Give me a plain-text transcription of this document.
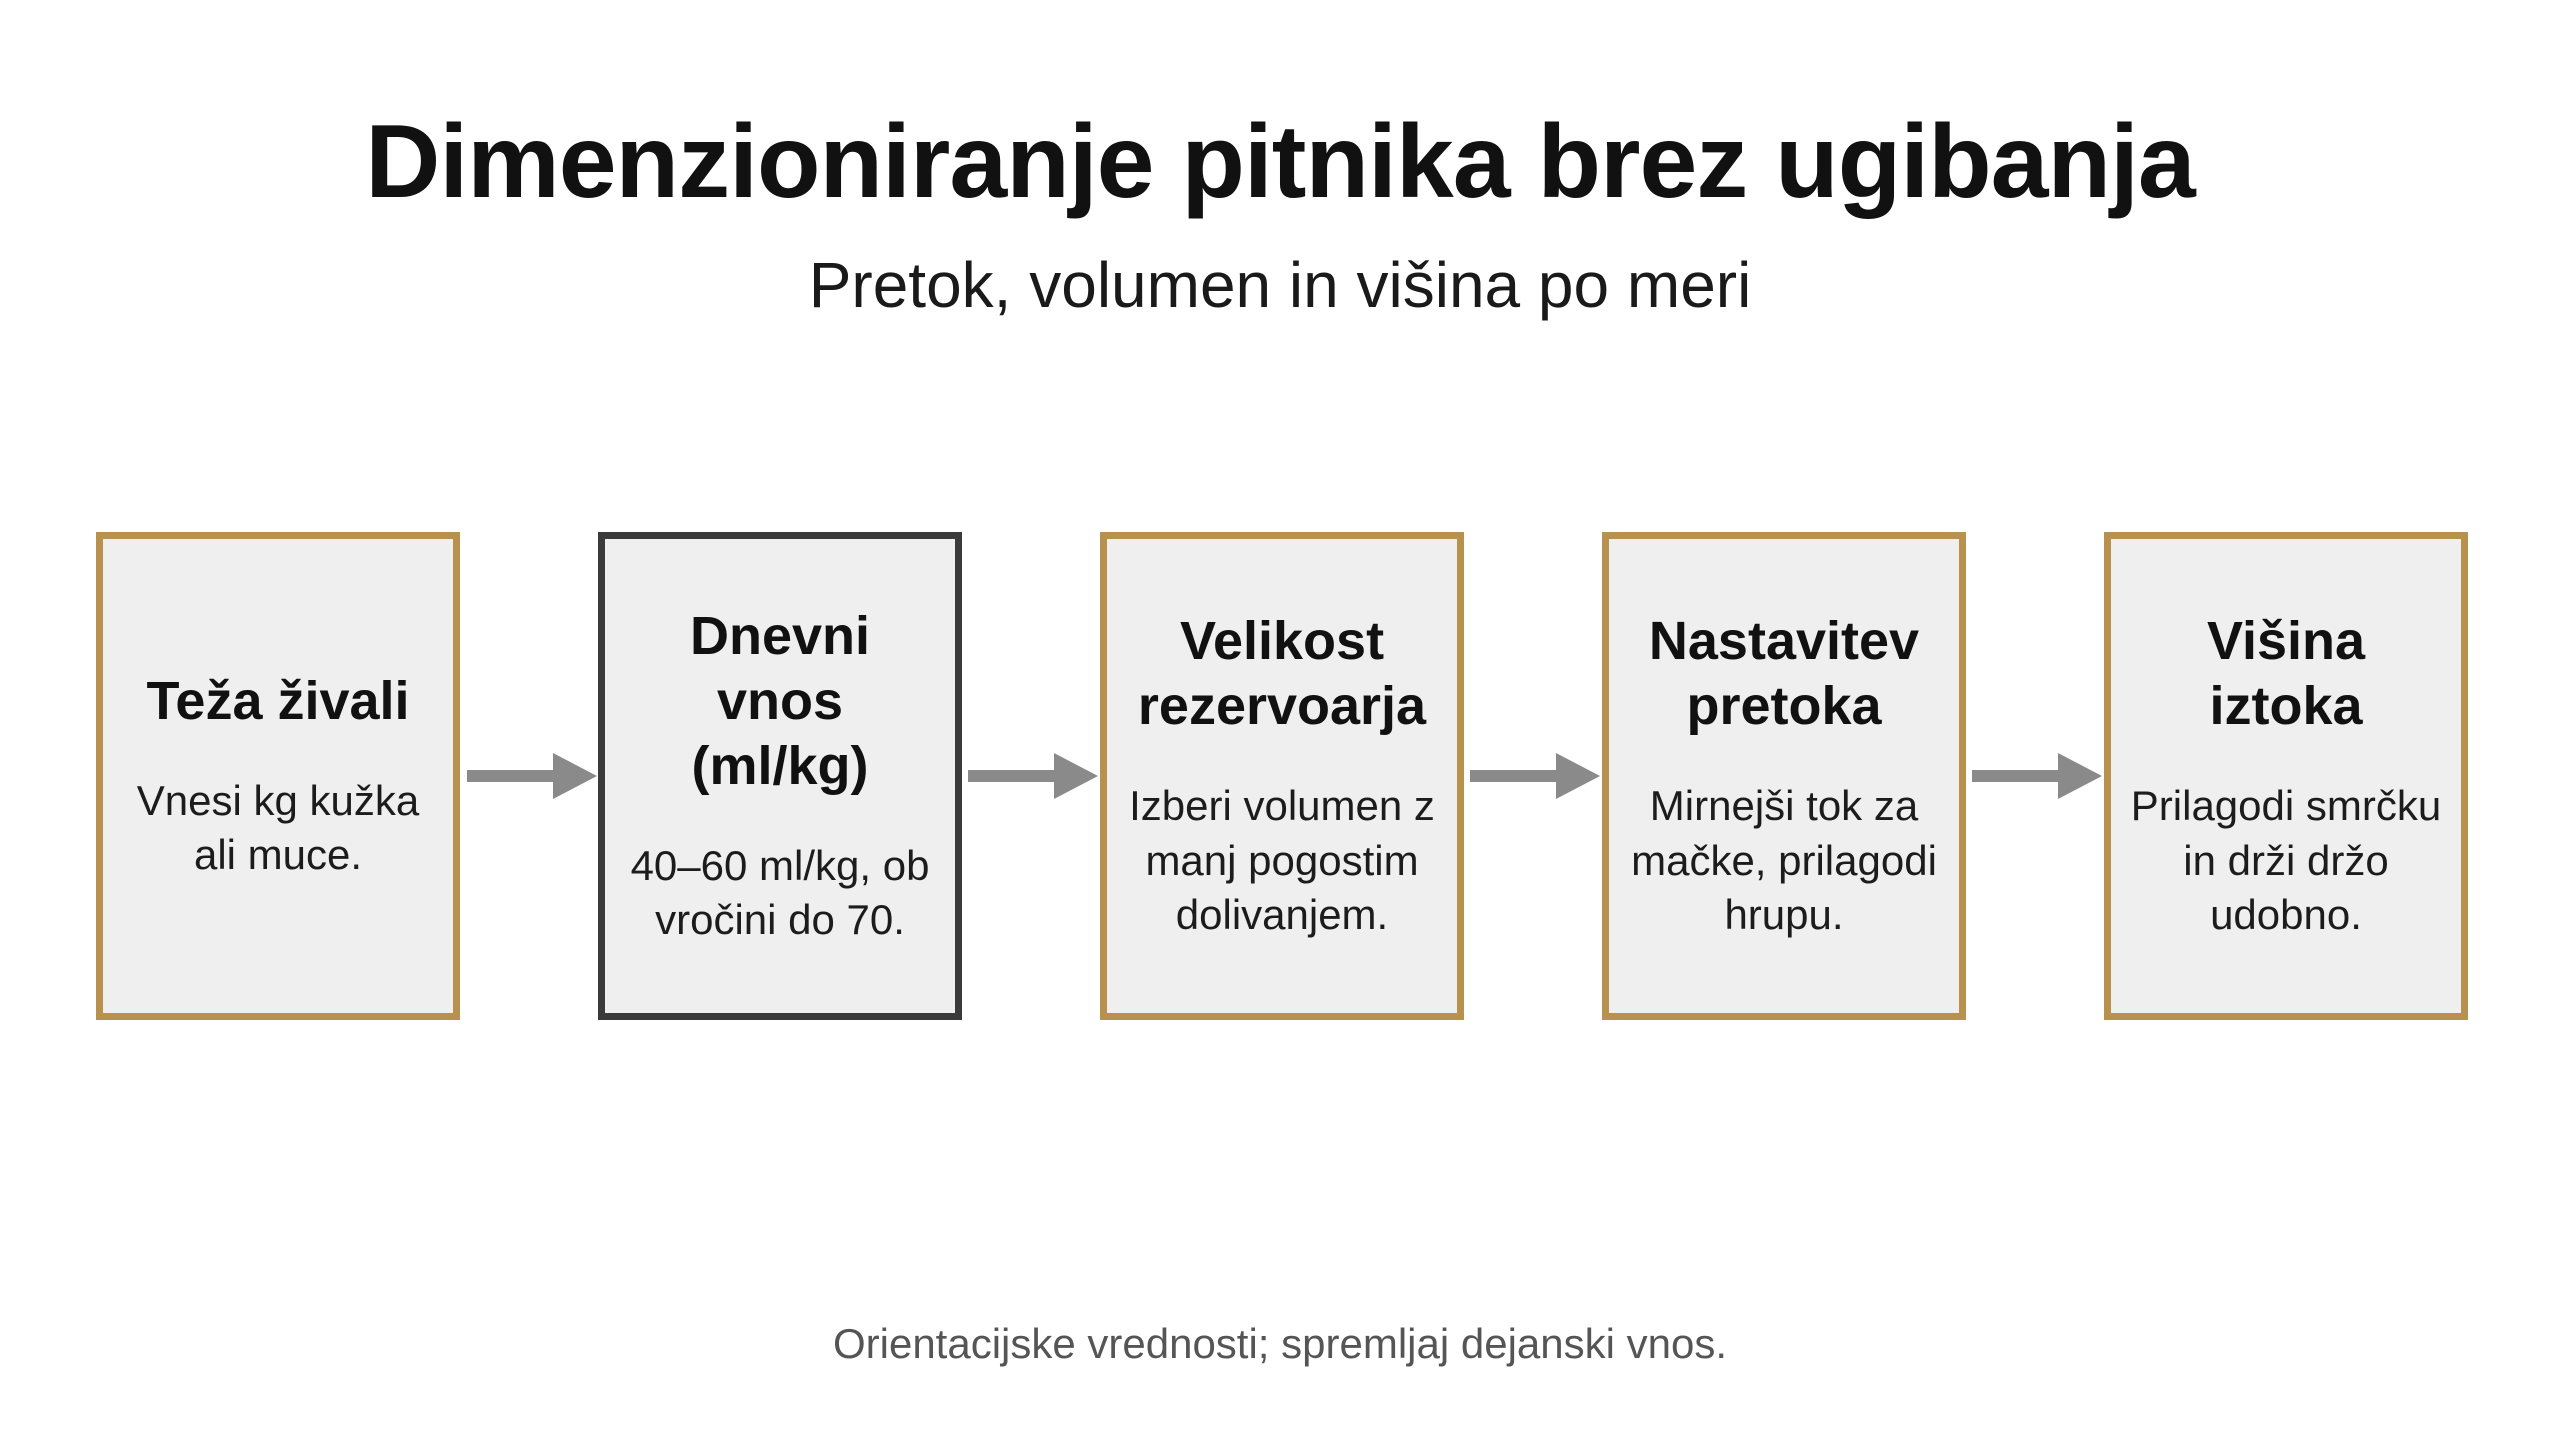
Dimenzioniranje pitnika brez ugibanja
Pretok, volumen in višina po meri
Teža živali
Vnesi kg kužka ali muce.
Dnevni vnos (ml/kg)
40–60 ml/kg, ob vročini do 70.
Velikost rezervoarja
Izberi volumen z manj pogostim dolivanjem.
Nastavitev pretoka
Mirnejši tok za mačke, prilagodi hrupu.
Višina iztoka
Prilagodi smrčku in drži držo udobno.
Orientacijske vrednosti; spremljaj dejanski vnos.
